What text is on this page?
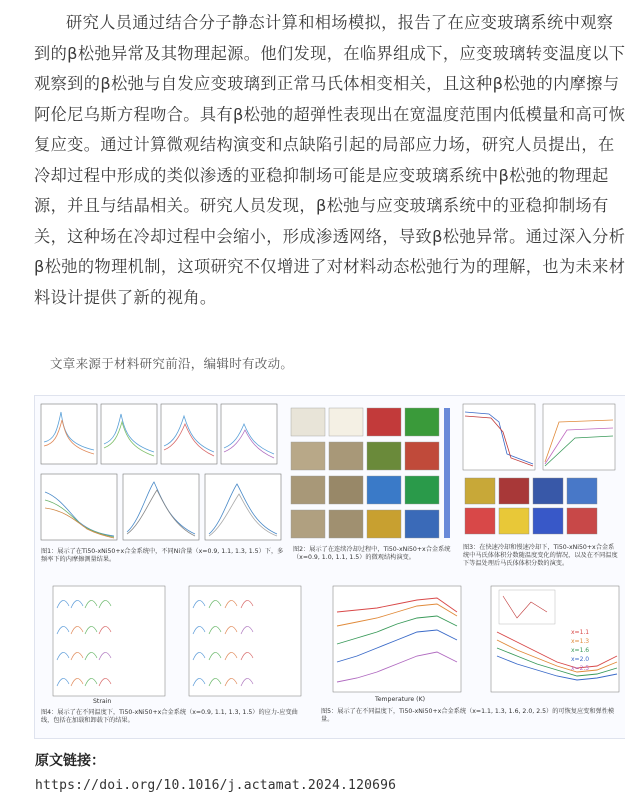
研究人员通过结合分子静态计算和相场模拟，报告了在应变玻璃系统中观察到的β松弛异常及其物理起源。他们发现，在临界组成下，应变玻璃转变温度以下观察到的β松弛与自发应变玻璃到正常马氏体相变相关，且这种β松弛的内摩擦与阿伦尼乌斯方程吻合。具有β松弛的超弹性表现出在宽温度范围内低模量和高可恢复应变。通过计算微观结构演变和点缺陷引起的局部应力场，研究人员提出，在冷却过程中形成的类似渗透的亚稳抑制场可能是应变玻璃系统中β松弛的物理起源，并且与结晶相关。研究人员发现，β松弛与应变玻璃系统中的亚稳抑制场有关，这种场在冷却过程中会缩小，形成渗透网络，导致β松弛异常。通过深入分析β松弛的物理机制，这项研究不仅增进了对材料动态松弛行为的理解，也为未来材料设计提供了新的视角。

文章来源于材料研究前沿，编辑时有改动。
图1：展示了在Ti50-xNi50+x合金系统中，不同Ni含量（x=0.9, 1.1, 1.3, 1.5）下，多频率下的内摩擦测量结果。
图2：展示了在连续冷却过程中，Ti50-xNi50+x合金系统（x=0.9, 1.0, 1.1, 1.5）的微观结构演变。
图3：在快速冷却和慢速冷却下，Ti50-xNi50+x合金系统中马氏体体积分数随温度变化的情况，以及在不同温度下等温处理后马氏体体积分数的演变。
Strain
图4：展示了在不同温度下，Ti50-xNi50+x合金系统（x=0.9, 1.1, 1.3, 1.5）的应力-应变曲线，包括在加载和卸载下的结果。
x=1.1
x=1.3
x=1.6
x=2.0
x=2.5
Temperature (K)
图5：展示了在不同温度下，Ti50-xNi50+x合金系统（x=1.1, 1.3, 1.6, 2.0, 2.5）的可恢复应变和弹性模量。
原文链接：
https://doi.org/10.1016/j.actamat.2024.120696
